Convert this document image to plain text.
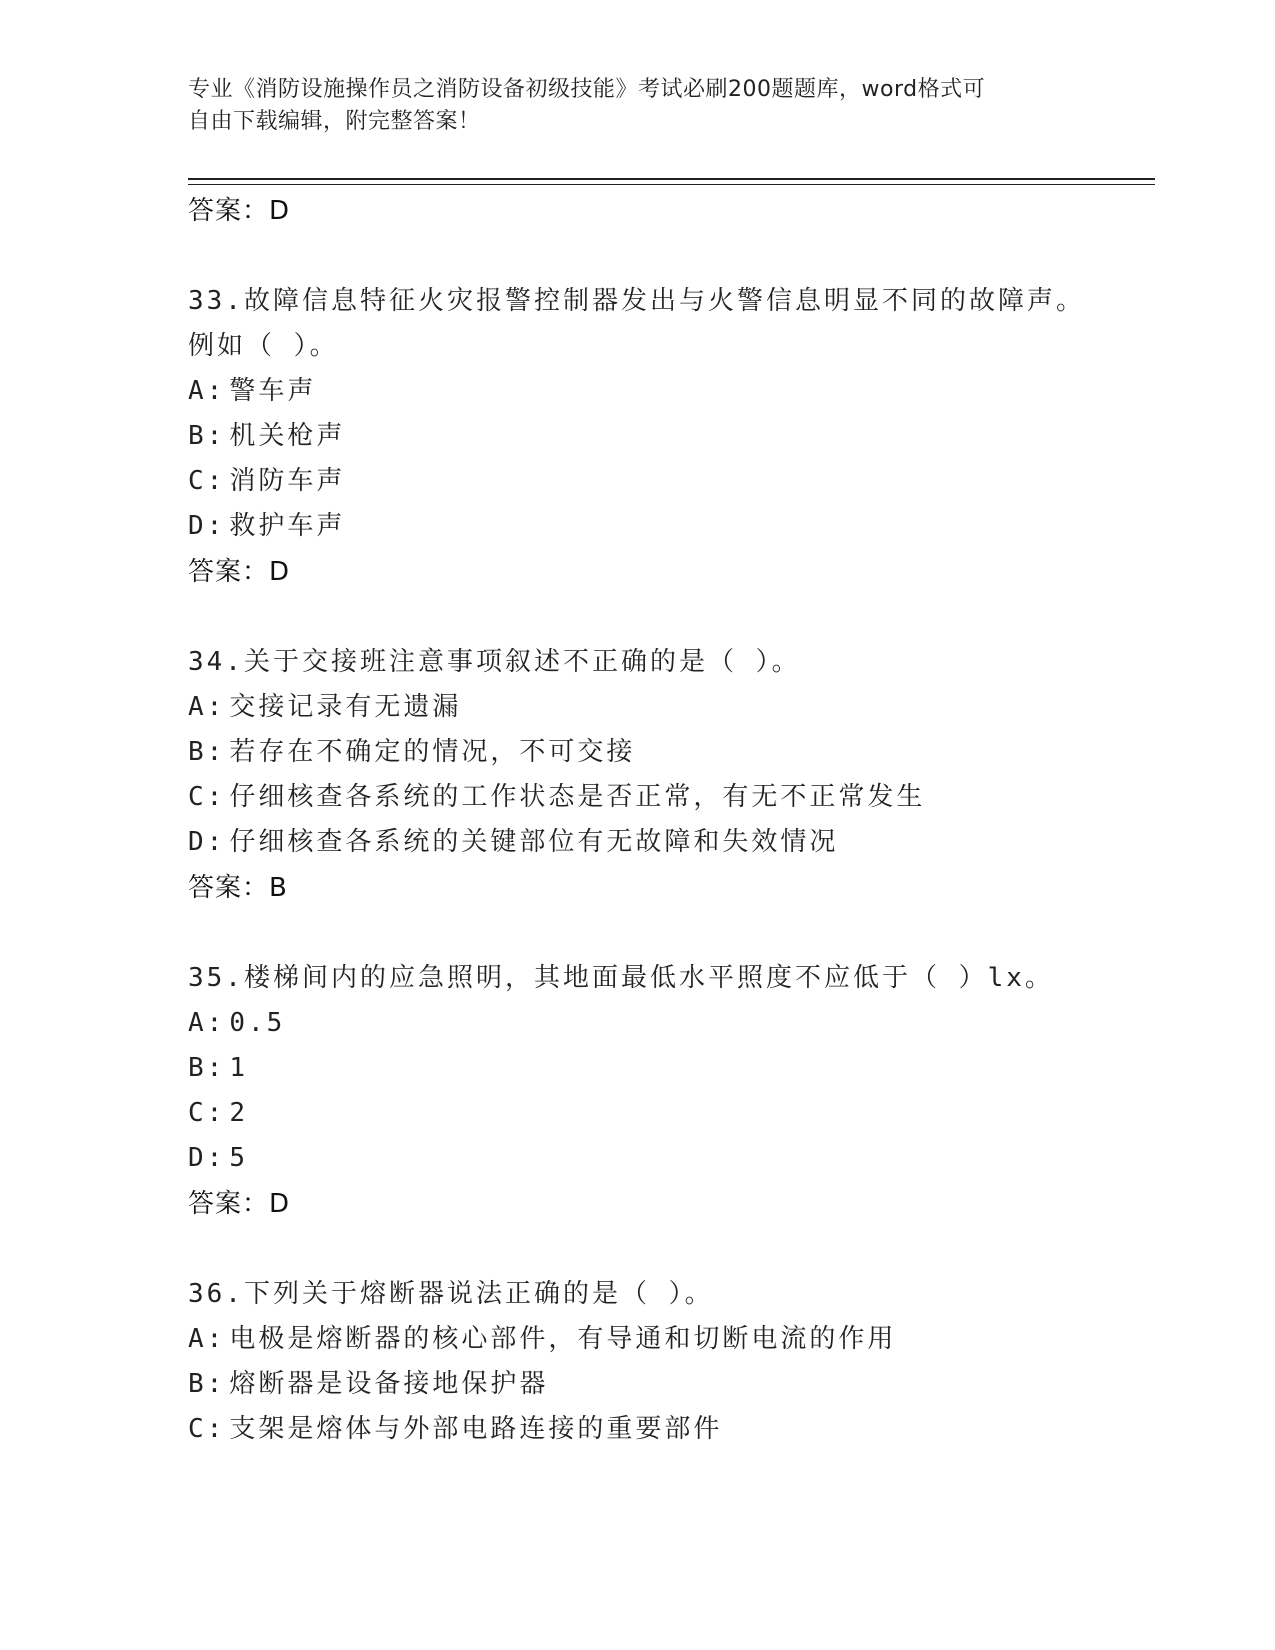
专业《消防设施操作员之消防设备初级技能》考试必刷200题题库，word格式可
自由下载编辑，附完整答案！
答案：D
33.故障信息特征火灾报警控制器发出与火警信息明显不同的故障声。
例如（ ）。
A: 警车声
B: 机关枪声
C: 消防车声
D: 救护车声
答案：D
34.关于交接班注意事项叙述不正确的是（ ）。
A: 交接记录有无遗漏
B: 若存在不确定的情况，不可交接
C: 仔细核查各系统的工作状态是否正常，有无不正常发生
D: 仔细核查各系统的关键部位有无故障和失效情况
答案：B
35.楼梯间内的应急照明，其地面最低水平照度不应低于（ ）lx。
A: 0.5
B: 1
C: 2
D: 5
答案：D
36.下列关于熔断器说法正确的是（ ）。
A: 电极是熔断器的核心部件，有导通和切断电流的作用
B: 熔断器是设备接地保护器
C: 支架是熔体与外部电路连接的重要部件
